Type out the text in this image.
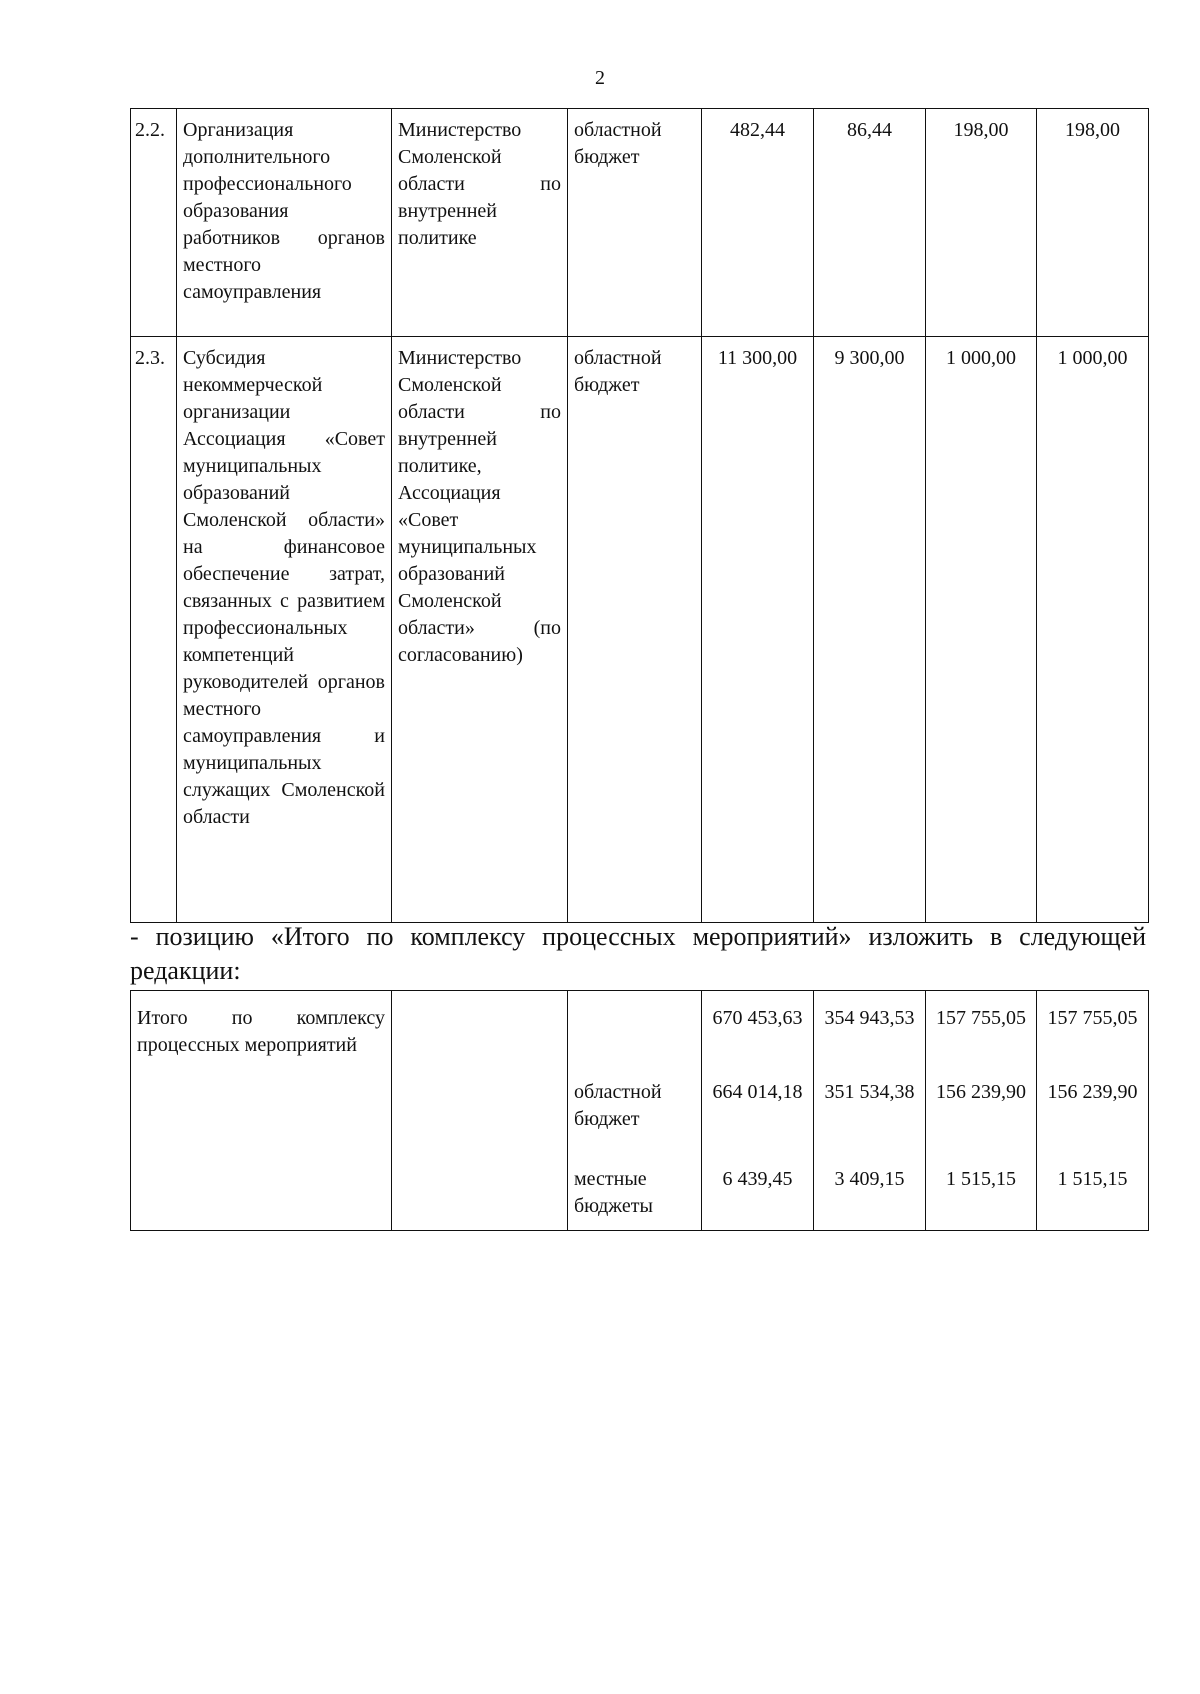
2
2.2.	Организация дополнительного профессионального образования работников органов местного самоуправления	Министерство Смоленской области по внутренней политике	областной бюджет	482,44	86,44	198,00	198,00
2.3.	Субсидия некоммерческой организации Ассоциация «Совет муниципальных образований Смоленской области» на финансовое обеспечение затрат, связанных с развитием профессиональных компетенций руководителей органов местного самоуправления и муниципальных служащих Смоленской области	Министерство Смоленской области по внутренней политике, Ассоциация «Совет муниципальных образований Смоленской области» (по согласованию)	областной бюджет	11 300,00	9 300,00	1 000,00	1 000,00

- позицию «Итого по комплексу процессных мероприятий» изложить в следующей редакции:

Итого по комплексу процессных мероприятий			670 453,63	354 943,53	157 755,05	157 755,05
		областной бюджет	664 014,18	351 534,38	156 239,90	156 239,90
		местные бюджеты	6 439,45	3 409,15	1 515,15	1 515,15
